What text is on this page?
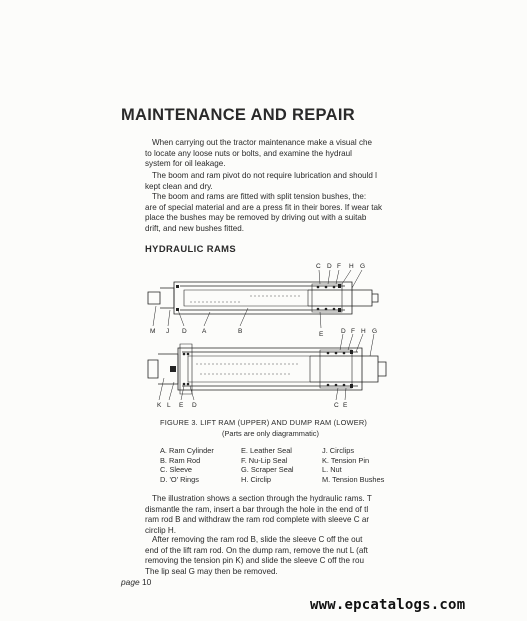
MAINTENANCE AND REPAIR
When carrying out the tractor maintenance make a visual che
to locate any loose nuts or bolts, and examine the hydraul
system for oil leakage.
The boom and ram pivot do not require lubrication and should l
kept clean and dry.
The boom and rams are fitted with split tension bushes, the:
are of special material and are a press fit in their bores. If wear tak
place the bushes may be removed by driving out with a suitab
drift, and new bushes fitted.
HYDRAULIC RAMS
C D F H G
M J D A	B	E	D F H G
K L E D	C E
FIGURE 3. LIFT RAM (UPPER) AND DUMP RAM (LOWER)
(Parts are only diagrammatic)
A. Ram Cylinder
B. Ram Rod
C. Sleeve
D. 'O' Rings
E. Leather Seal
F. Nu-Lip Seal
G. Scraper Seal
H. Circlip
J. Circlips
K. Tension Pin
L. Nut
M. Tension Bushes
The illustration shows a section through the hydraulic rams. T
dismantle the ram, insert a bar through the hole in the end of tl
ram rod B and withdraw the ram rod complete with sleeve C ar
circlip H.
After removing the ram rod B, slide the sleeve C off the out
end of the lift ram rod. On the dump ram, remove the nut L (aft
removing the tension pin K) and slide the sleeve C off the rou
The lip seal G may then be removed.
page 10
www.epcatalogs.com
